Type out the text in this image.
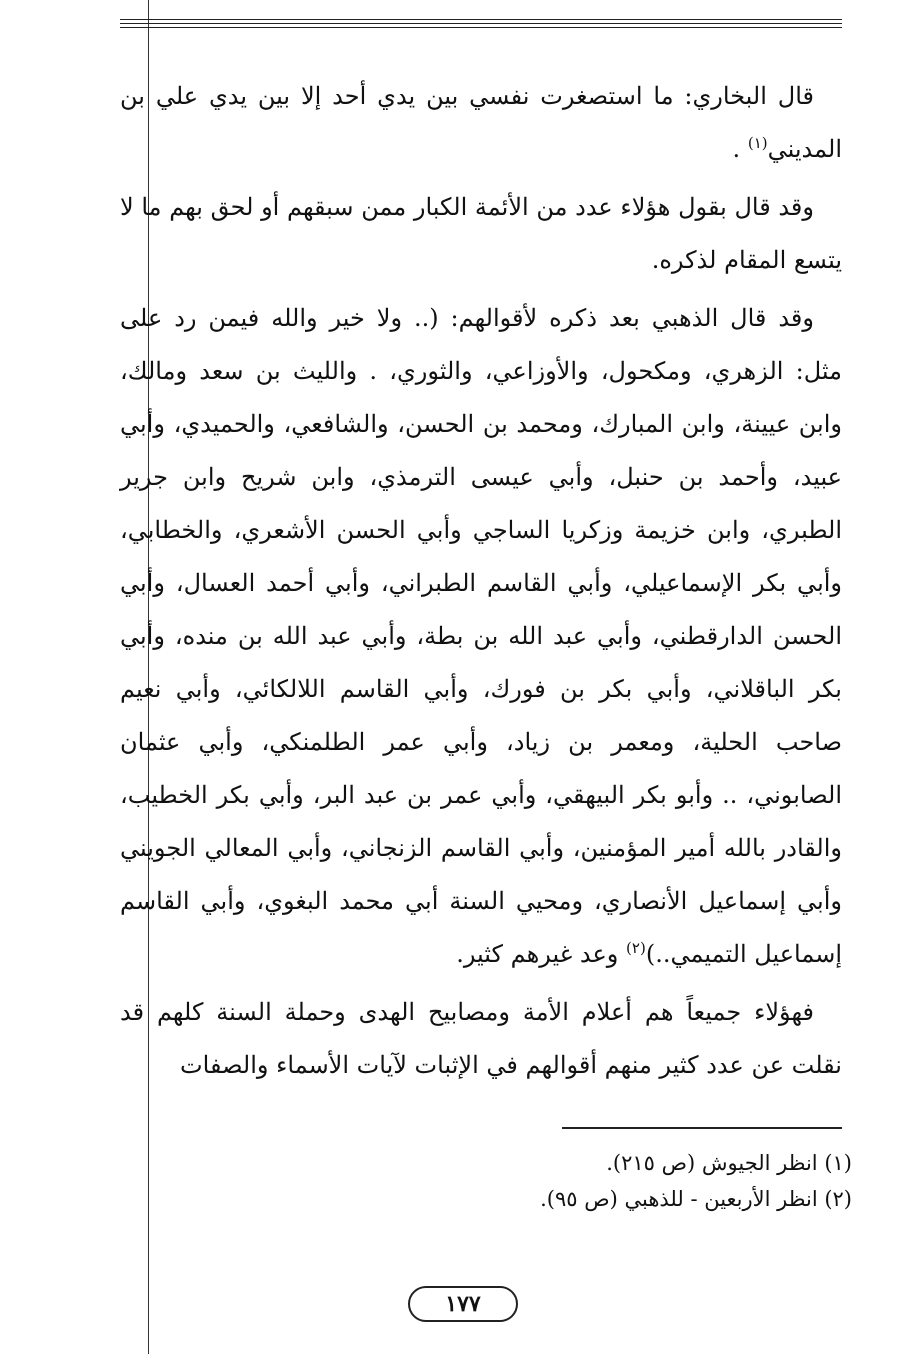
قال البخاري: ما استصغرت نفسي بين يدي أحد إلا بين يدي علي بن المديني$^{(١)}$ .

وقد قال بقول هؤلاء عدد من الأئمة الكبار ممن سبقهم أو لحق بهم ما لا يتسع المقام لذكره.

وقد قال الذهبي بعد ذكره لأقوالهم: (.. ولا خير والله فيمن رد على مثل: الزهري، ومكحول، والأوزاعي، والثوري، . والليث بن سعد ومالك، وابن عيينة، وابن المبارك، ومحمد بن الحسن، والشافعي، والحميدي، وأبي عبيد، وأحمد بن حنبل، وأبي عيسى الترمذي، وابن شريح وابن جرير الطبري، وابن خزيمة وزكريا الساجي وأبي الحسن الأشعري، والخطابي، وأبي بكر الإسماعيلي، وأبي القاسم الطبراني، وأبي أحمد العسال، وأبي الحسن الدارقطني، وأبي عبد الله بن بطة، وأبي عبد الله بن منده، وأبي بكر الباقلاني، وأبي بكر بن فورك، وأبي القاسم اللالكائي، وأبي نعيم صاحب الحلية، ومعمر بن زياد، وأبي عمر الطلمنكي، وأبي عثمان الصابوني، .. وأبو بكر البيهقي، وأبي عمر بن عبد البر، وأبي بكر الخطيب، والقادر بالله أمير المؤمنين، وأبي القاسم الزنجاني، وأبي المعالي الجويني وأبي إسماعيل الأنصاري، ومحيي السنة أبي محمد البغوي، وأبي القاسم إسماعيل التميمي..)$^{(٢)}$ وعد غيرهم كثير.

فهؤلاء جميعاً هم أعلام الأمة ومصابيح الهدى وحملة السنة كلهم قد نقلت عن عدد كثير منهم أقوالهم في الإثبات لآيات الأسماء والصفات

(١) انظر الجيوش (ص ٢١٥).
(٢) انظر الأربعين - للذهبي (ص ٩٥).
١٧٧
